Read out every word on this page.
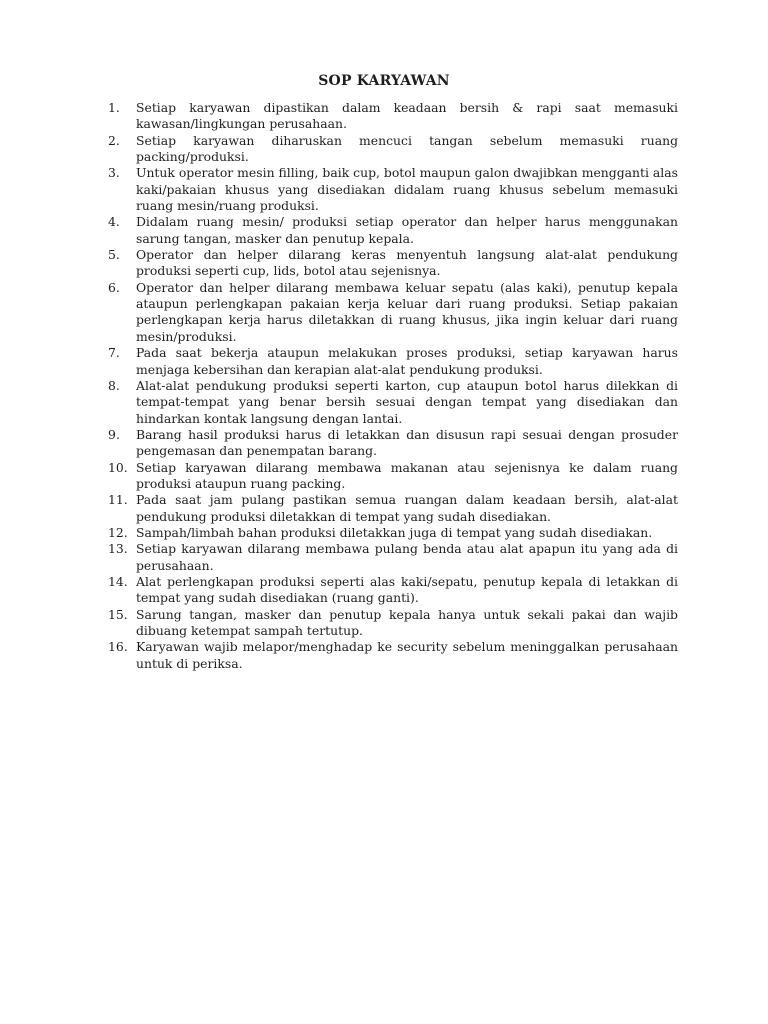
SOP KARYAWAN
1.	Setiap karyawan dipastikan dalam keadaan bersih & rapi saat memasuki kawasan/lingkungan perusahaan.
2.	Setiap karyawan diharuskan mencuci tangan sebelum memasuki ruang packing/produksi.
3.	Untuk operator mesin filling, baik cup, botol maupun galon dwajibkan mengganti alas kaki/pakaian khusus yang disediakan didalam ruang khusus sebelum memasuki ruang mesin/ruang produksi.
4.	Didalam ruang mesin/ produksi setiap operator dan helper harus menggunakan sarung tangan, masker dan penutup kepala.
5.	Operator dan helper dilarang keras menyentuh langsung alat-alat pendukung produksi seperti cup, lids, botol atau sejenisnya.
6.	Operator dan helper dilarang membawa keluar sepatu (alas kaki), penutup kepala ataupun perlengkapan pakaian kerja keluar dari ruang produksi. Setiap pakaian perlengkapan kerja harus diletakkan di ruang khusus, jika ingin keluar dari ruang mesin/produksi.
7.	Pada saat bekerja ataupun melakukan proses produksi, setiap karyawan harus menjaga kebersihan dan kerapian alat-alat pendukung produksi.
8.	Alat-alat pendukung produksi seperti karton, cup ataupun botol harus dilekkan di tempat-tempat yang benar bersih sesuai dengan tempat yang disediakan dan hindarkan kontak langsung dengan lantai.
9.	Barang hasil produksi harus di letakkan dan disusun rapi sesuai dengan prosuder pengemasan dan penempatan barang.
10. Setiap karyawan dilarang membawa makanan atau sejenisnya ke dalam ruang produksi ataupun ruang packing.
11. Pada saat jam pulang pastikan semua ruangan dalam keadaan bersih, alat-alat pendukung produksi diletakkan di tempat yang sudah disediakan.
12. Sampah/limbah bahan produksi diletakkan juga di tempat yang sudah disediakan.
13. Setiap karyawan dilarang membawa pulang benda atau alat apapun itu yang ada di perusahaan.
14. Alat perlengkapan produksi seperti alas kaki/sepatu, penutup kepala di letakkan di tempat yang sudah disediakan (ruang ganti).
15. Sarung tangan, masker dan penutup kepala hanya untuk sekali pakai dan wajib dibuang ketempat sampah tertutup.
16. Karyawan wajib melapor/menghadap ke security sebelum meninggalkan perusahaan untuk di periksa.
